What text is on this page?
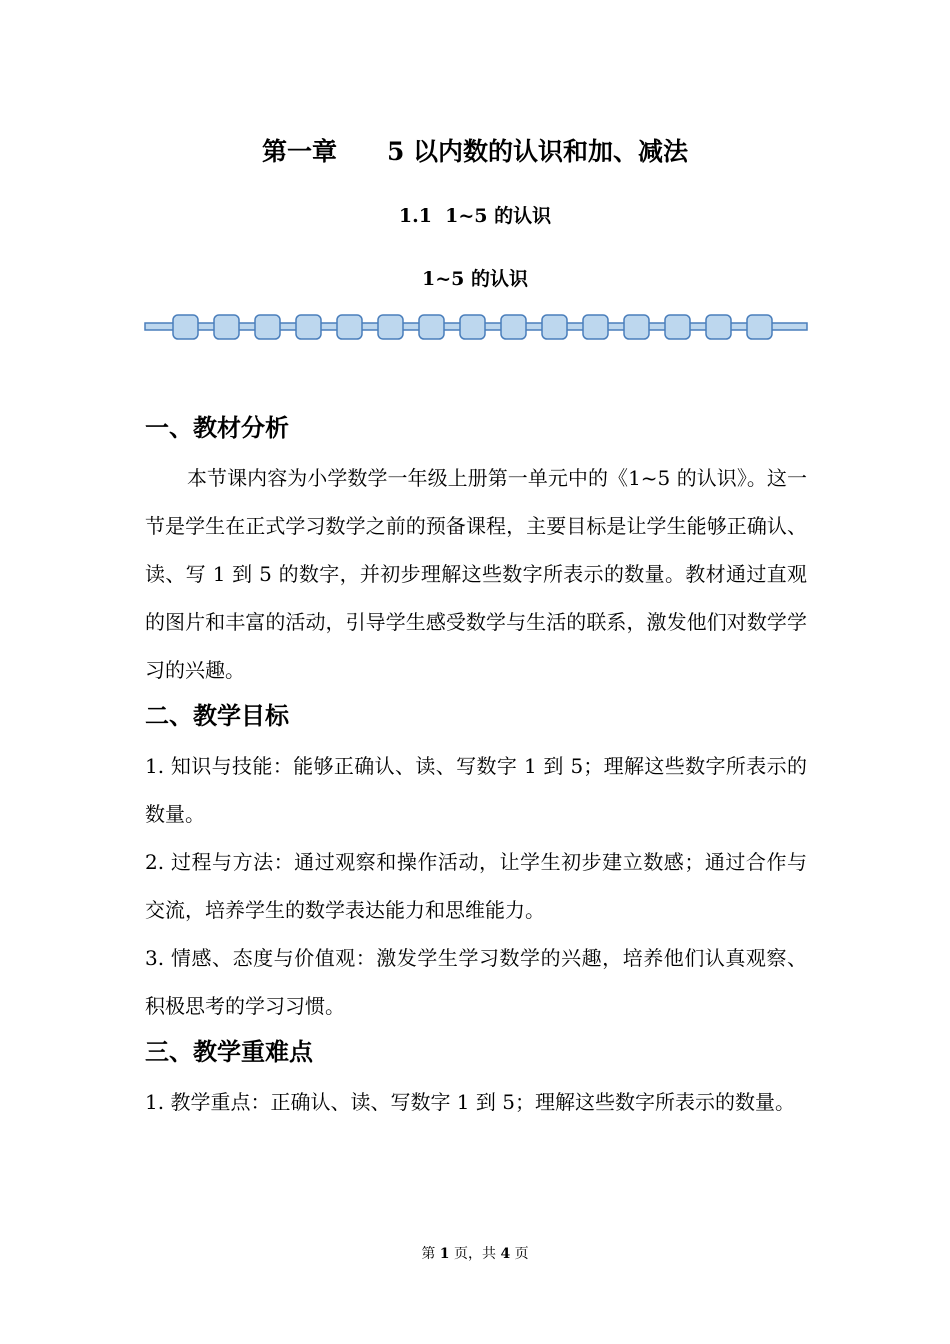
第一章　　5 以内数的认识和加、减法
1.1  1~5 的认识
1~5 的认识
一、教材分析

本节课内容为小学数学一年级上册第一单元中的《1~5 的认识》。这一节是学生在正式学习数学之前的预备课程，主要目标是让学生能够正确认、读、写 1 到 5 的数字，并初步理解这些数字所表示的数量。教材通过直观的图片和丰富的活动，引导学生感受数学与生活的联系，激发他们对数学学习的兴趣。

二、教学目标

1. 知识与技能：能够正确认、读、写数字 1 到 5；理解这些数字所表示的数量。

2. 过程与方法：通过观察和操作活动，让学生初步建立数感；通过合作与交流，培养学生的数学表达能力和思维能力。

3. 情感、态度与价值观：激发学生学习数学的兴趣，培养他们认真观察、积极思考的学习习惯。

三、教学重难点

1. 教学重点：正确认、读、写数字 1 到 5；理解这些数字所表示的数量。

第 1 页，共 4 页
